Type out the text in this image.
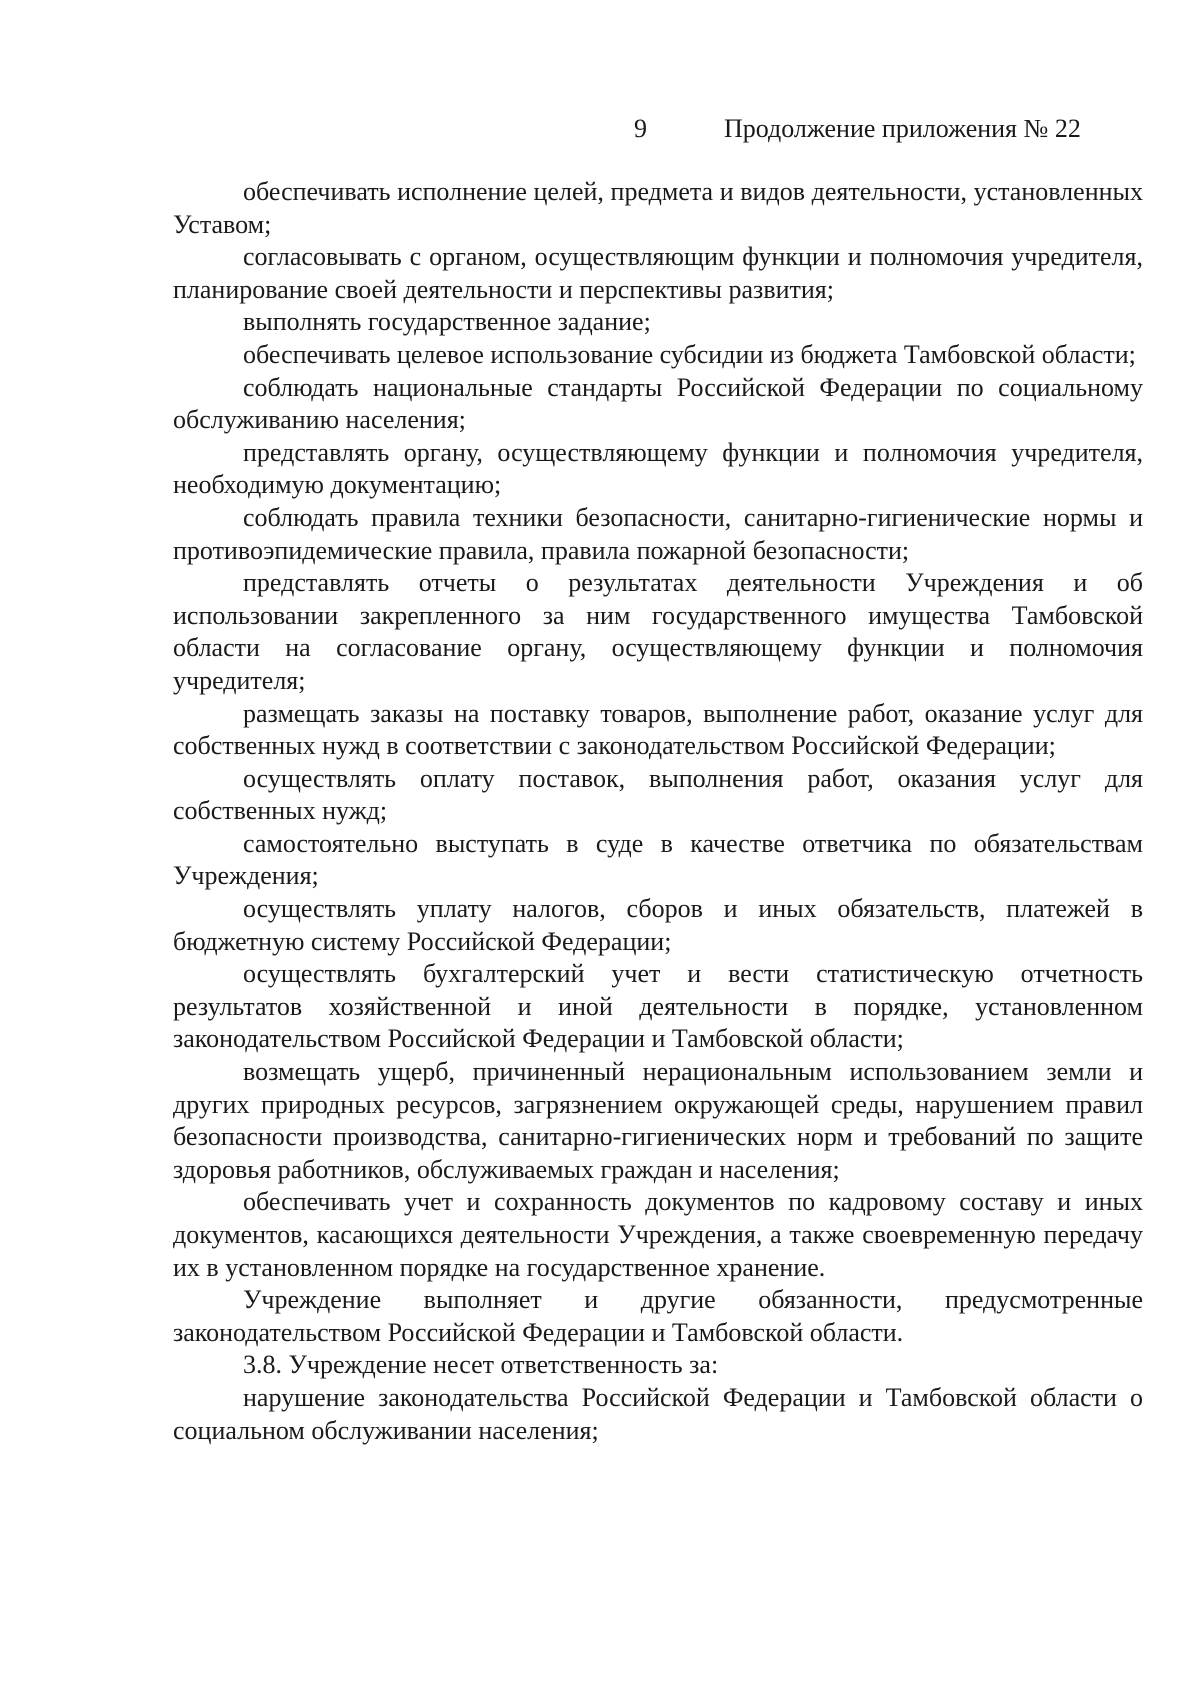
9	Продолжение приложения № 22

обеспечивать исполнение целей, предмета и видов деятельности, установленных Уставом;

согласовывать с органом, осуществляющим функции и полномочия учредителя, планирование своей деятельности и перспективы развития;

выполнять государственное задание;

обеспечивать целевое использование субсидии из бюджета Тамбовской области;

соблюдать национальные стандарты Российской Федерации по социальному обслуживанию населения;

представлять органу, осуществляющему функции и полномочия учредителя, необходимую документацию;

соблюдать правила техники безопасности, санитарно-гигиенические нормы и противоэпидемические правила, правила пожарной безопасности;

представлять отчеты о результатах деятельности Учреждения и об использовании закрепленного за ним государственного имущества Тамбовской области на согласование органу, осуществляющему функции и полномочия учредителя;

размещать заказы на поставку товаров, выполнение работ, оказание услуг для собственных нужд в соответствии с законодательством Российской Федерации;

осуществлять оплату поставок, выполнения работ, оказания услуг для собственных нужд;

самостоятельно выступать в суде в качестве ответчика по обязательствам Учреждения;

осуществлять уплату налогов, сборов и иных обязательств, платежей в бюджетную систему Российской Федерации;

осуществлять бухгалтерский учет и вести статистическую отчетность результатов хозяйственной и иной деятельности в порядке, установленном законодательством Российской Федерации и Тамбовской области;

возмещать ущерб, причиненный нерациональным использованием земли и других природных ресурсов, загрязнением окружающей среды, нарушением правил безопасности производства, санитарно-гигиенических норм и требований по защите здоровья работников, обслуживаемых граждан и населения;

обеспечивать учет и сохранность документов по кадровому составу и иных документов, касающихся деятельности Учреждения, а также своевременную передачу их в установленном порядке на государственное хранение.

Учреждение выполняет и другие обязанности, предусмотренные законодательством Российской Федерации и Тамбовской области.

3.8. Учреждение несет ответственность за:

нарушение законодательства Российской Федерации и Тамбовской области о социальном обслуживании населения;
